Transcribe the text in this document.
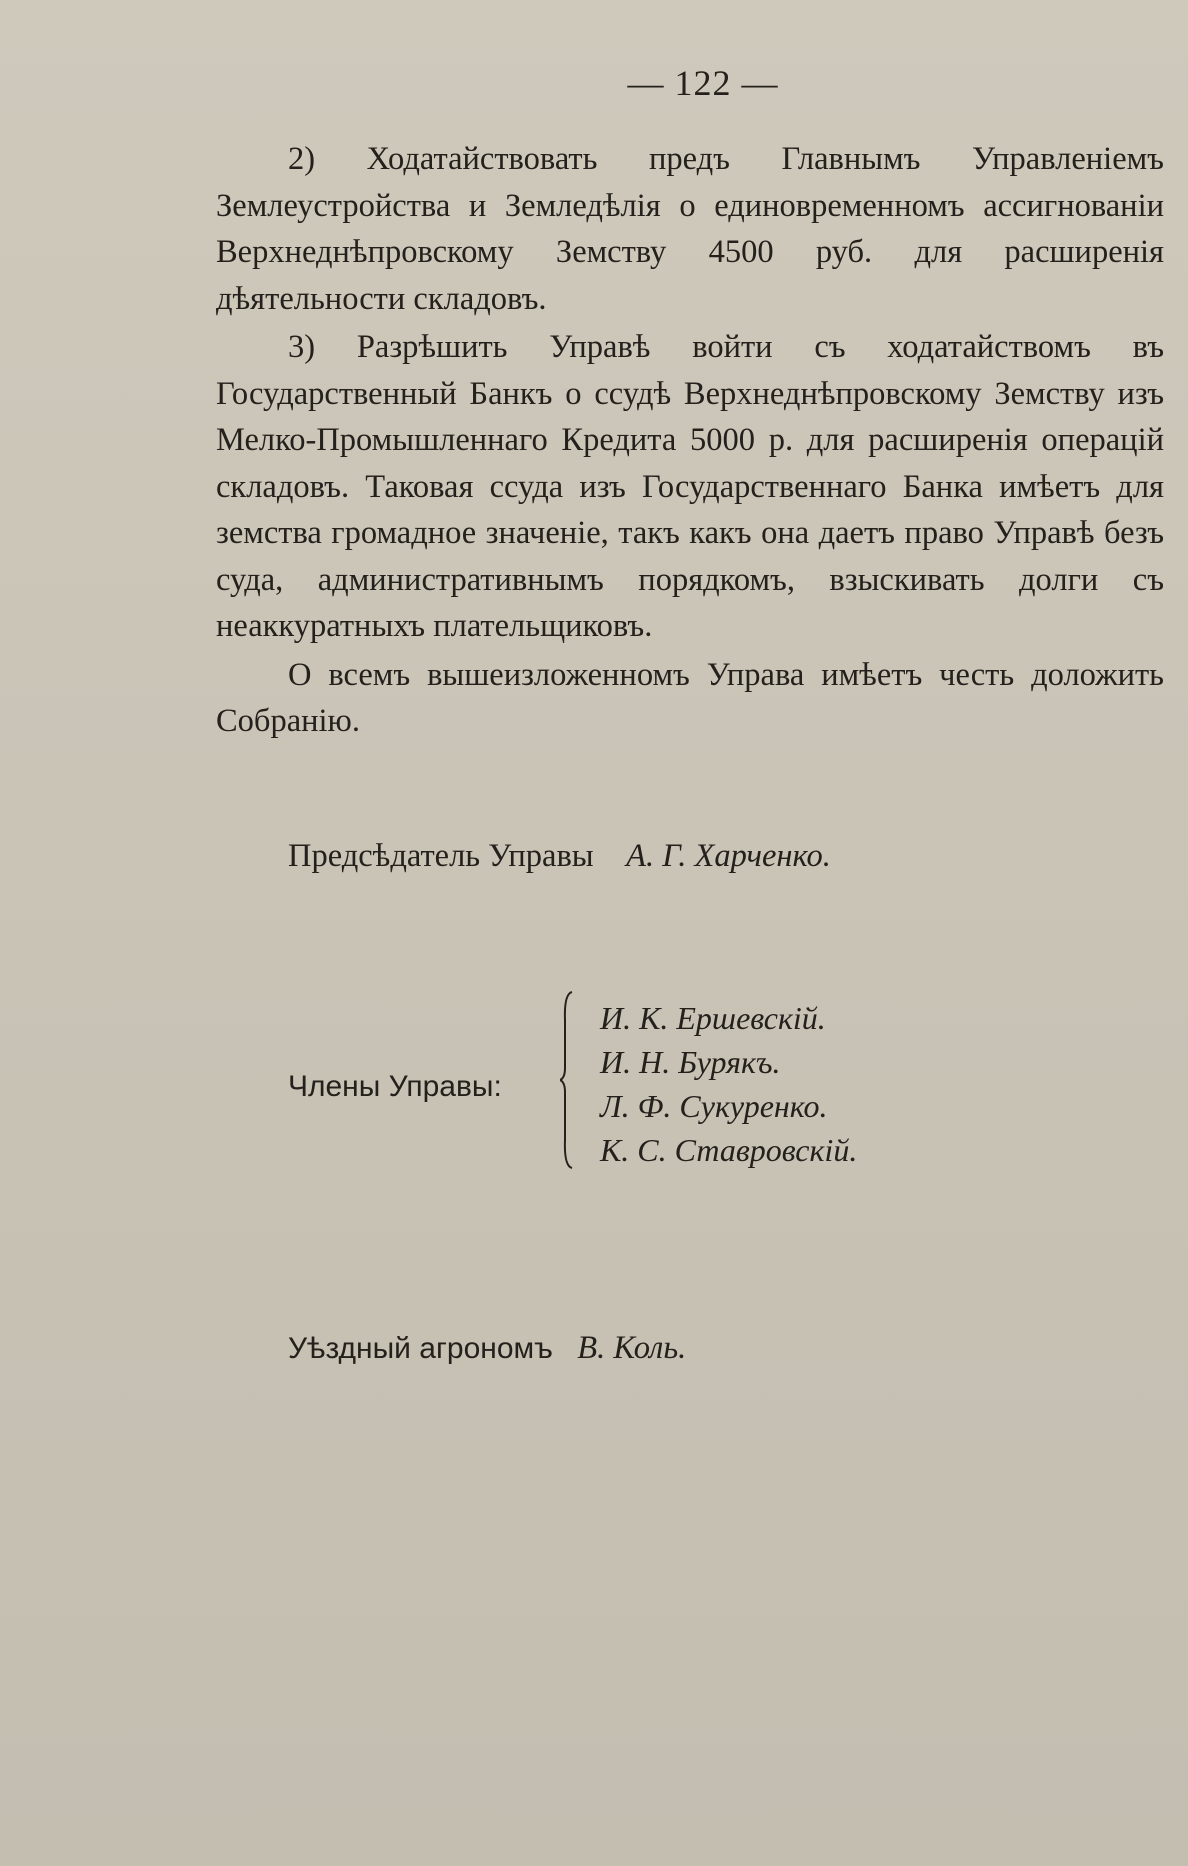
— 122 —

2) Ходатайствовать предъ Главнымъ Управленіемъ Землеустройства и Земледѣлія о единовременномъ ассигнованіи Верхнеднѣпровскому Земству 4500 руб. для расширенія дѣятельности складовъ.

3) Разрѣшить Управѣ войти съ ходатайствомъ въ Государственный Банкъ о ссудѣ Верхнеднѣпровскому Земству изъ Мелко-Промышленнаго Кредита 5000 р. для расширенія операцій складовъ. Таковая ссуда изъ Государственнаго Банка имѣетъ для земства громадное значеніе, такъ какъ она даетъ право Управѣ безъ суда, административнымъ порядкомъ, взыскивать долги съ неаккуратныхъ плательщиковъ.

О всемъ вышеизложенномъ Управа имѣетъ честь доложить Собранію.

Предсѣдатель Управы А. Г. Харченко.
Члены Управы:
И. К. Ершевскій.
И. Н. Бурякъ.
Л. Ф. Сукуренко.
К. С. Ставровскій.
Уѣздный агрономъ В. Коль.
